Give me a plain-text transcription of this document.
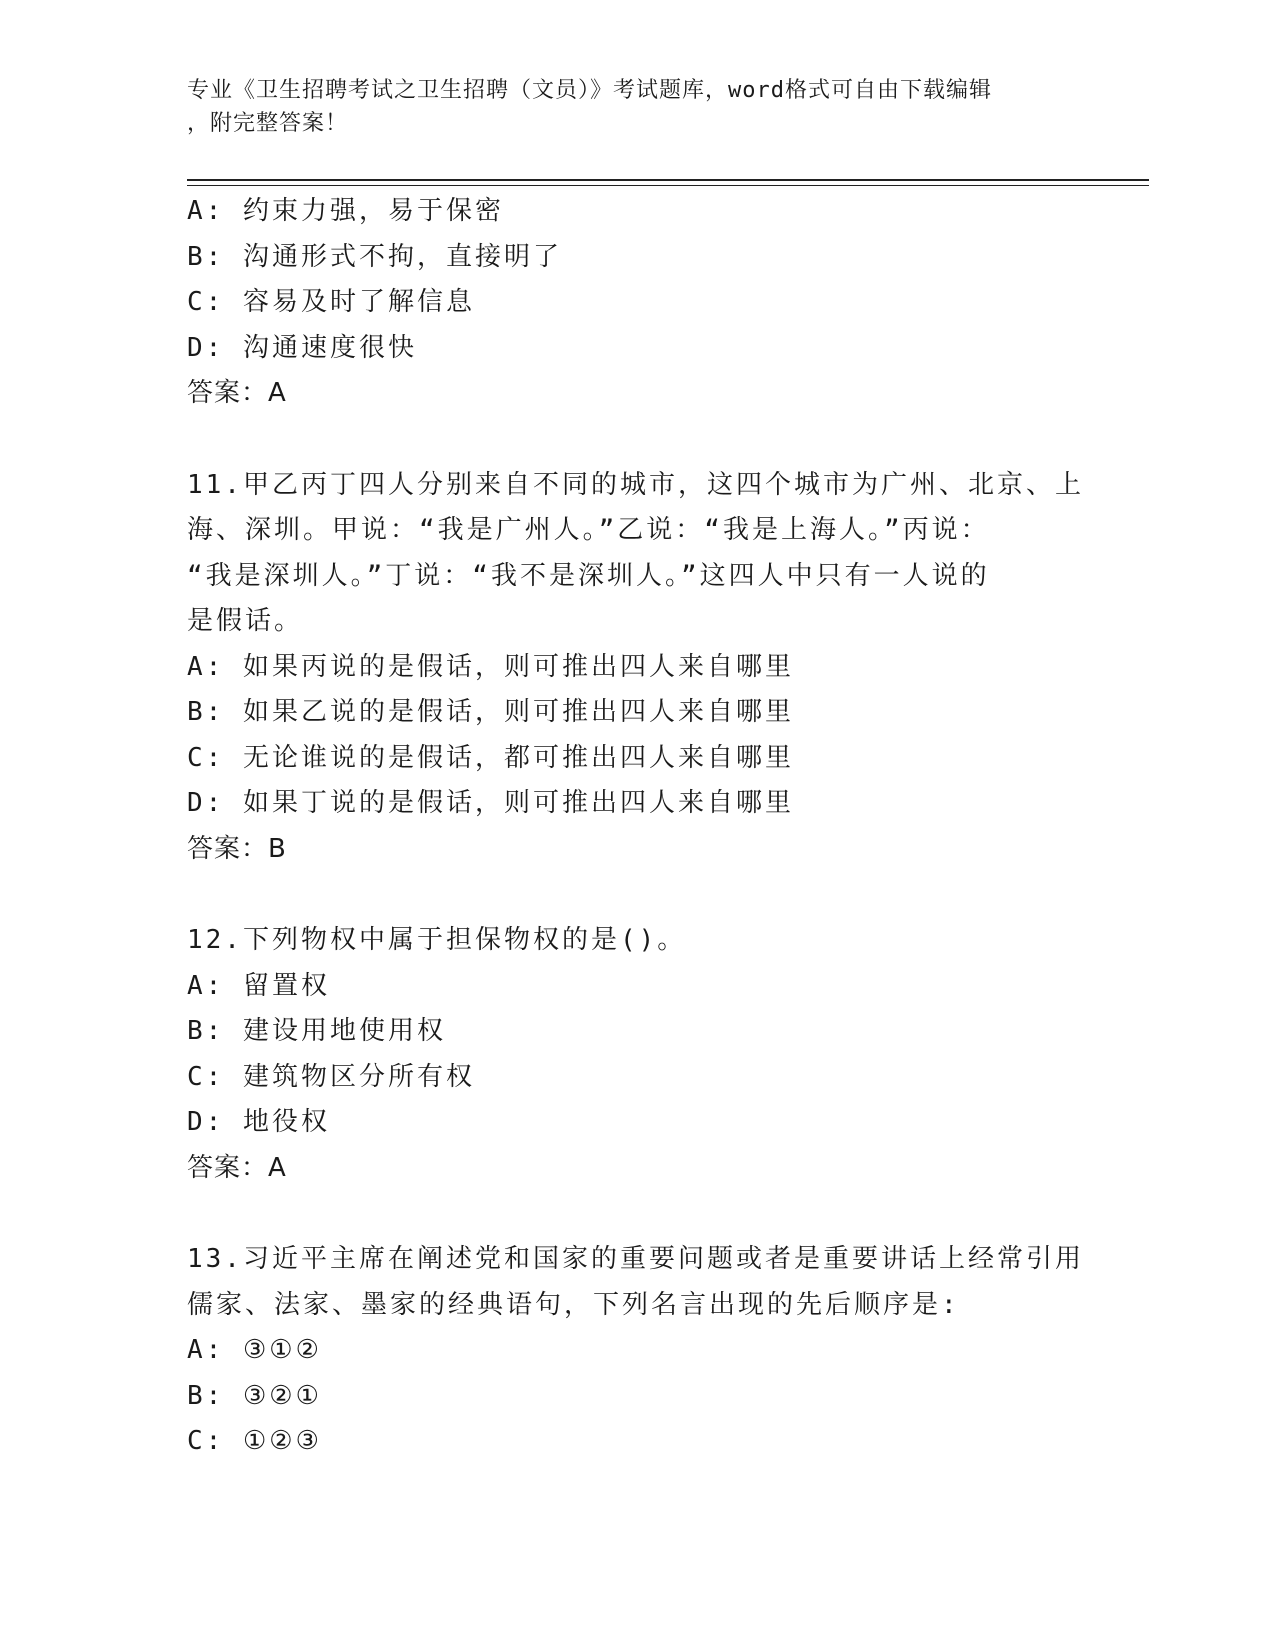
专业《卫生招聘考试之卫生招聘（文员）》考试题库，word格式可自由下载编辑
，附完整答案！
A: 约束力强，易于保密
B: 沟通形式不拘，直接明了
C: 容易及时了解信息
D: 沟通速度很快
答案：A
11.甲乙丙丁四人分别来自不同的城市，这四个城市为广州、北京、上
海、深圳。甲说：“我是广州人。”乙说：“我是上海人。”丙说：
“我是深圳人。”丁说：“我不是深圳人。”这四人中只有一人说的
是假话。
A: 如果丙说的是假话，则可推出四人来自哪里
B: 如果乙说的是假话，则可推出四人来自哪里
C: 无论谁说的是假话，都可推出四人来自哪里
D: 如果丁说的是假话，则可推出四人来自哪里
答案：B
12.下列物权中属于担保物权的是()。
A: 留置权
B: 建设用地使用权
C: 建筑物区分所有权
D: 地役权
答案：A
13.习近平主席在阐述党和国家的重要问题或者是重要讲话上经常引用
儒家、法家、墨家的经典语句，下列名言出现的先后顺序是:
A: ③①②
B: ③②①
C: ①②③
